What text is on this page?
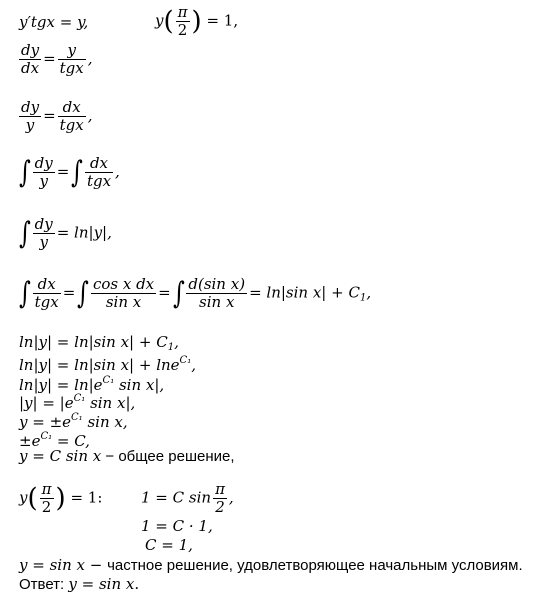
y′tgx = y,	$y( \frac{\pi}{2}$ ) = 1,
$\frac{dy}{dx} = \frac{y}{\text{tgx}}$ ,
$\frac{dy}{y} = \frac{dx}{\text{tgx}}$ ,
∫ $\frac{dy}{y}$ =∫ $\frac{dx}{\text{tgx}}$ ,
∫ $\frac{dy}{y} = \ln|y|$,
∫ $\frac{dx}{\text{tgx}}$ =∫ $\frac{\text{cos x dx}}{\text{sin x}}$ =∫ $\frac{\text{d(sin x)}}{\text{sin x}} = \ln|\sin$ $x| + C_1$,
ln|y| = ln|sin $x| + C_1$,
ln|y| = ln|sin x| + lne$^{C_1}$,
$\ln|y| = \ln|e^{C_1}$ sin x|,
$|y| = |e^{C_1}$ sin x|,
$y = \pm e^{C_1}$ sin x,
$\pm e^{C_1} = C$,
y = C sin x − общее решение,
$y( \frac{\pi}{2}$ ) = 1:	1 = C $\sin \frac{\pi}{2}$ ,
1 = C · 1,
C = 1,
y = sin x − частное решение, удовлетворяющее начальным условиям.
Ответ: y = sin x.
